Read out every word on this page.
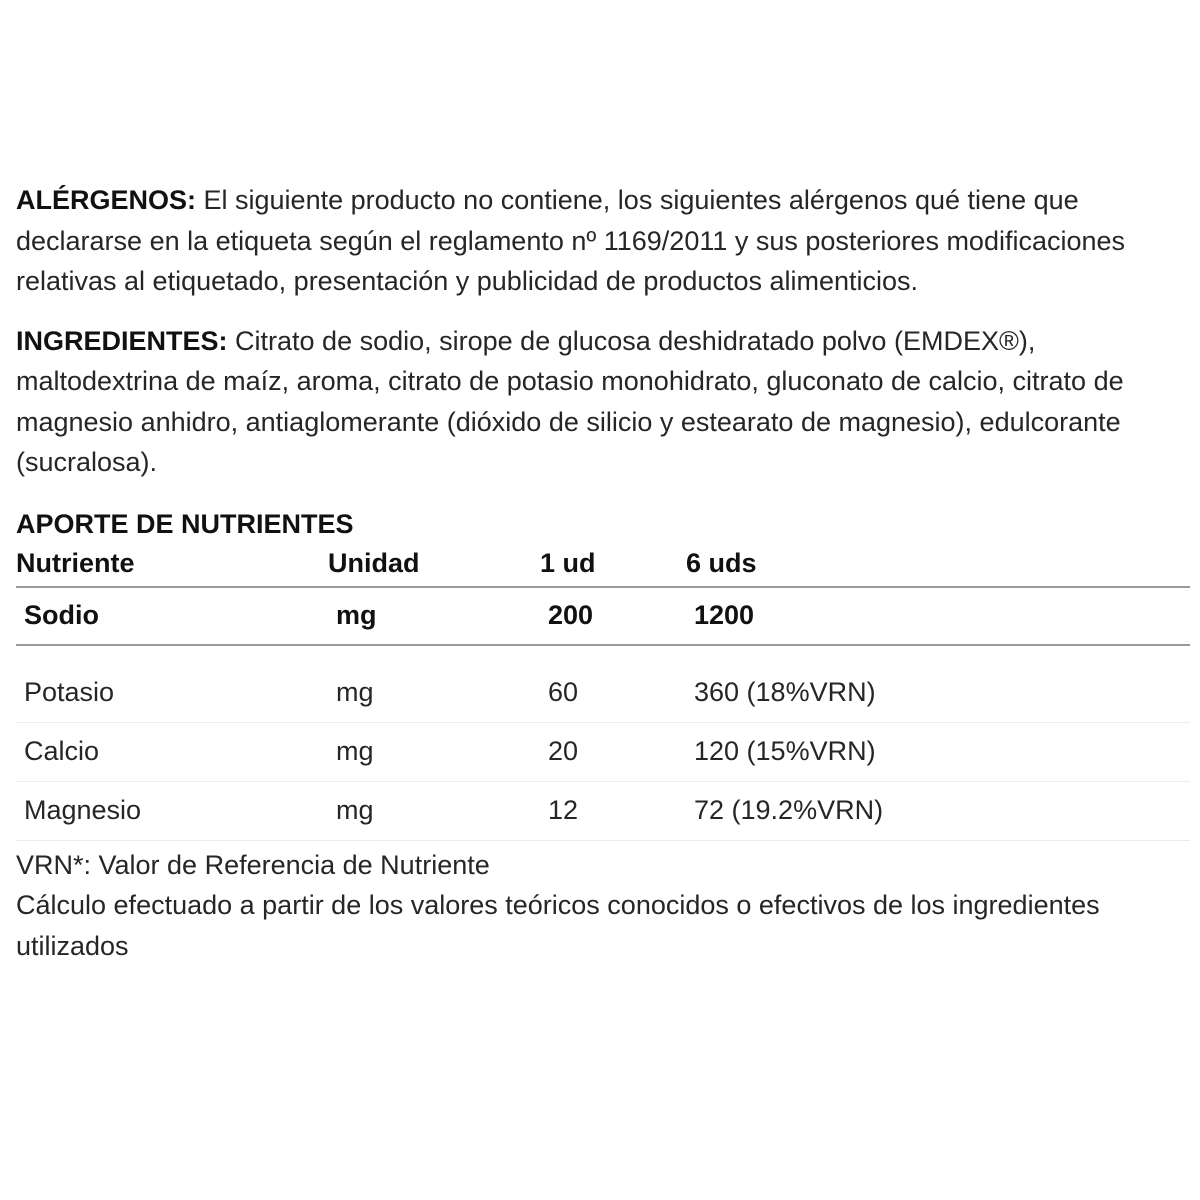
ALÉRGENOS: El siguiente producto no contiene, los siguientes alérgenos qué tiene que declararse en la etiqueta según el reglamento nº 1169/2011 y sus posteriores modificaciones relativas al etiquetado, presentación y publicidad de productos alimenticios.

INGREDIENTES: Citrato de sodio, sirope de glucosa deshidratado polvo (EMDEX®), maltodextrina de maíz, aroma, citrato de potasio monohidrato, gluconato de calcio, citrato de magnesio anhidro, antiaglomerante (dióxido de silicio y estearato de magnesio), edulcorante (sucralosa).

APORTE DE NUTRIENTES
Nutriente	Unidad	1 ud	6 uds
Sodio	mg	200	1200

Potasio	mg	60	360 (18%VRN)
Calcio	mg	20	120 (15%VRN)
Magnesio	mg	12	72 (19.2%VRN)

VRN*: Valor de Referencia de Nutriente

Cálculo efectuado a partir de los valores teóricos conocidos o efectivos de los ingredientes utilizados
